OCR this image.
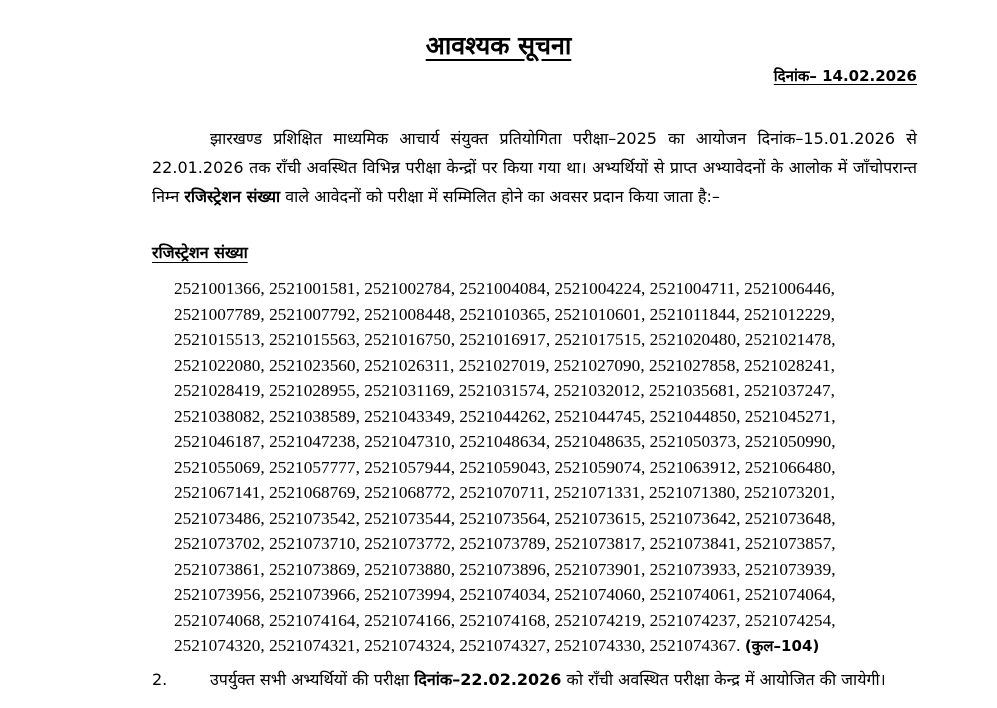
आवश्यक सूचना
दिनांक– 14.02.2026
झारखण्ड प्रशिक्षित माध्यमिक आचार्य संयुक्त प्रतियोगिता परीक्षा–2025 का आयोजन दिनांक–15.01.2026 से 22.01.2026 तक राँची अवस्थित विभिन्न परीक्षा केन्द्रों पर किया गया था। अभ्यर्थियों से प्राप्त अभ्यावेदनों के आलोक में जाँचोपरान्त निम्न रजिस्ट्रेशन संख्या वाले आवेदनों को परीक्षा में सम्मिलित होने का अवसर प्रदान किया जाता है:–
रजिस्ट्रेशन संख्या
2521001366, 2521001581, 2521002784, 2521004084, 2521004224, 2521004711, 2521006446,
2521007789, 2521007792, 2521008448, 2521010365, 2521010601, 2521011844, 2521012229,
2521015513, 2521015563, 2521016750, 2521016917, 2521017515, 2521020480, 2521021478,
2521022080, 2521023560, 2521026311, 2521027019, 2521027090, 2521027858, 2521028241,
2521028419, 2521028955, 2521031169, 2521031574, 2521032012, 2521035681, 2521037247,
2521038082, 2521038589, 2521043349, 2521044262, 2521044745, 2521044850, 2521045271,
2521046187, 2521047238, 2521047310, 2521048634, 2521048635, 2521050373, 2521050990,
2521055069, 2521057777, 2521057944, 2521059043, 2521059074, 2521063912, 2521066480,
2521067141, 2521068769, 2521068772, 2521070711, 2521071331, 2521071380, 2521073201,
2521073486, 2521073542, 2521073544, 2521073564, 2521073615, 2521073642, 2521073648,
2521073702, 2521073710, 2521073772, 2521073789, 2521073817, 2521073841, 2521073857,
2521073861, 2521073869, 2521073880, 2521073896, 2521073901, 2521073933, 2521073939,
2521073956, 2521073966, 2521073994, 2521074034, 2521074060, 2521074061, 2521074064,
2521074068, 2521074164, 2521074166, 2521074168, 2521074219, 2521074237, 2521074254,
2521074320, 2521074321, 2521074324, 2521074327, 2521074330, 2521074367. (कुल–104)
2.	उपर्युक्त सभी अभ्यर्थियों की परीक्षा दिनांक–22.02.2026 को राँची अवस्थित परीक्षा केन्द्र में आयोजित की जायेगी।
